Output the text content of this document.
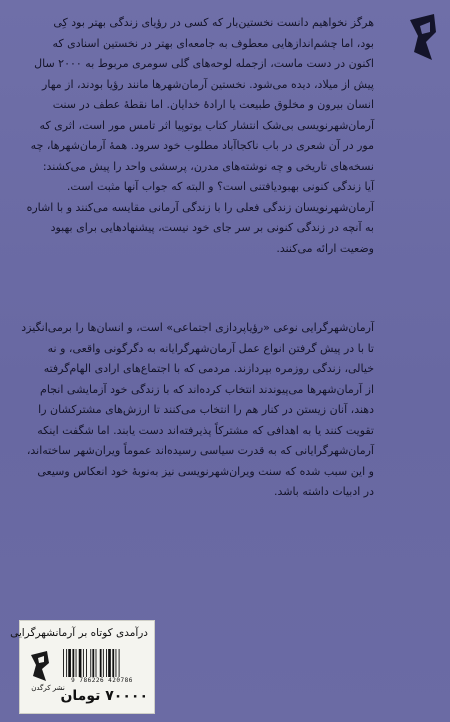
هرگز نخواهیم دانست نخستین‌بار که کسی در رؤیای زندگی بهتر بود کِی
بود، اما چشم‌اندازهایی معطوف به جامعه‌ای بهتر در نخستین اسنادی که
اکنون در دست ماست، ازجمله لوحه‌های گلی سومری مربوط به ۲۰۰۰ سال
پیش از میلاد، دیده می‌شود. نخستین آرمان‌شهرها مانند رؤیا بودند، از مهار
انسان بیرون و مخلوق طبیعت یا ارادهٔ خدایان. اما نقطهٔ عطف در سنت
آرمان‌شهرنویسی بی‌شک انتشار کتاب یوتوپیا اثر تامس مور است، اثری که
مور در آن شعری در باب ناکجاآباد مطلوب خود سرود. همهٔ آرمان‌شهرها، چه
نسخه‌های تاریخی و چه نوشته‌های مدرن، پرسشی واحد را پیش می‌کشند:
آیا زندگی کنونی بهبودیافتنی است؟ و البته که جواب آنها مثبت است.
آرمان‌شهرنویسان زندگی فعلی را با زندگی آرمانی مقایسه می‌کنند و با اشاره
به آنچه در زندگی کنونی بر سر جای خود نیست، پیشنهادهایی برای بهبود
وضعیت ارائه می‌کنند.
آرمان‌شهرگرایی نوعی «رؤیاپردازی اجتماعی» است، و انسان‌ها را برمی‌انگیزد
تا با در پیش گرفتن انواع عمل آرمان‌شهرگرایانه به دگرگونی واقعی، و نه
خیالی، زندگی روزمره بپردازند. مردمی که با اجتماع‌های ارادی الهام‌گرفته
از آرمان‌شهرها می‌پیوندند انتخاب کرده‌اند که با زندگی خود آزمایشی انجام
دهند، آنان زیستن در کنار هم را انتخاب می‌کنند تا ارزش‌های مشترکشان را
تقویت کنند یا به اهدافی که مشترکاً پذیرفته‌اند دست یابند. اما شگفت اینکه
آرمان‌شهرگرایانی که به قدرت سیاسی رسیده‌اند عموماً ویران‌شهر ساخته‌اند،
و این سبب شده که سنت ویران‌شهرنویسی نیز به‌نوبهٔ خود انعکاس وسیعی
در ادبیات داشته باشد.
درآمدی کوتاه بر آرمانشهرگرایی
9 786226 420786
نشر کرگدن
۷۰۰۰۰ تومان
